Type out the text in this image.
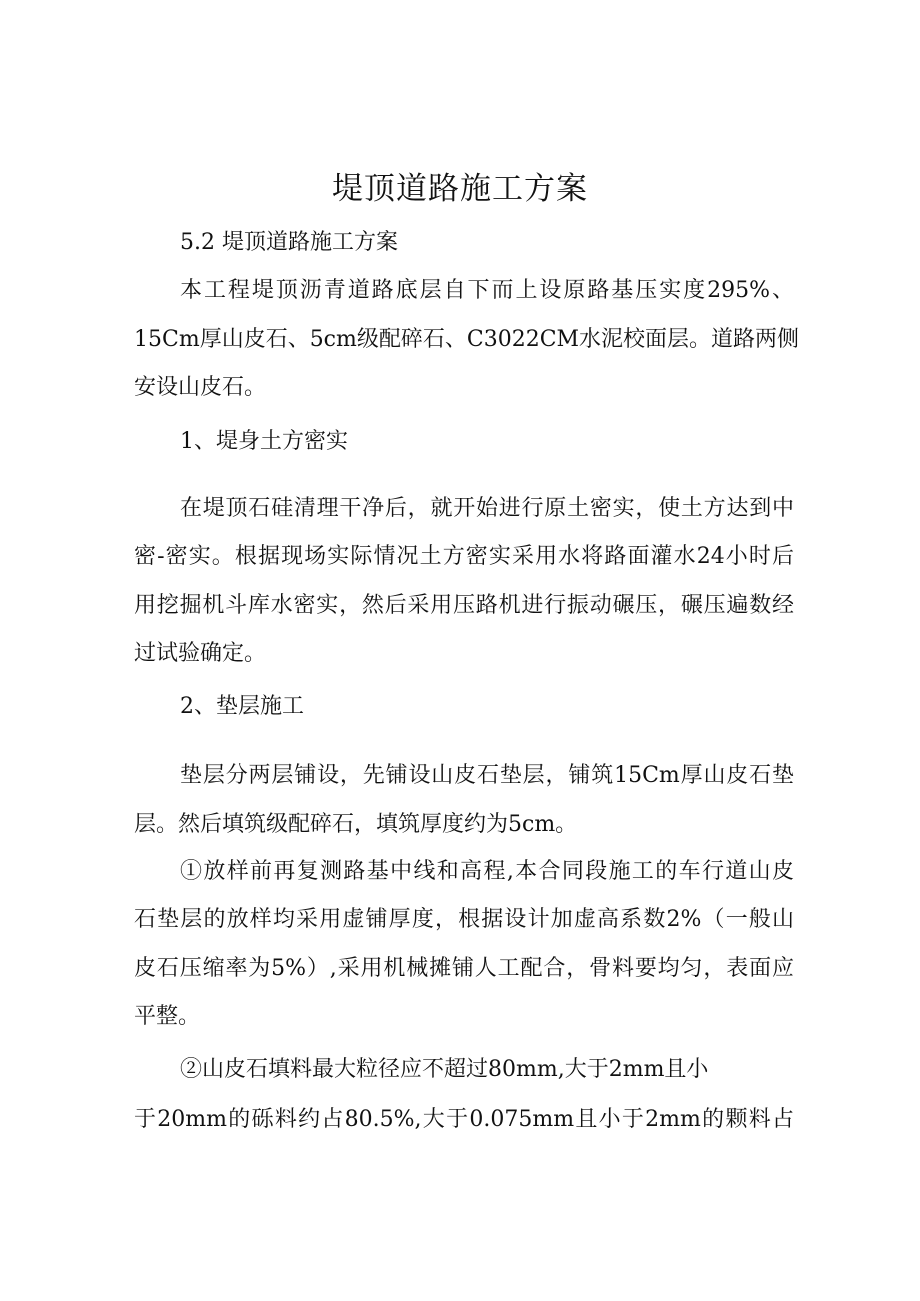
堤顶道路施工方案
5.2 堤顶道路施工方案
本工程堤顶沥青道路底层自下而上设原路基压实度295%、
15Cm厚山皮石、5cm级配碎石、C3022CM水泥校面层。道路两侧
安设山皮石。
1、堤身土方密实
在堤顶石硅清理干净后，就开始进行原土密实，使土方达到中
密-密实。根据现场实际情况土方密实采用水将路面灌水24小时后
用挖掘机斗库水密实，然后采用压路机进行振动碾压，碾压遍数经
过试验确定。
2、垫层施工
垫层分两层铺设，先铺设山皮石垫层，铺筑15Cm厚山皮石垫
层。然后填筑级配碎石，填筑厚度约为5cm。
①放样前再复测路基中线和高程,本合同段施工的车行道山皮
石垫层的放样均采用虚铺厚度，根据设计加虚高系数2%（一般山
皮石压缩率为5%）,采用机械摊铺人工配合，骨料要均匀，表面应
平整。
②山皮石填料最大粒径应不超过80mm,大于2mm且小
于20mm的砾料约占80.5%,大于0.075mm且小于2mm的颗料占
